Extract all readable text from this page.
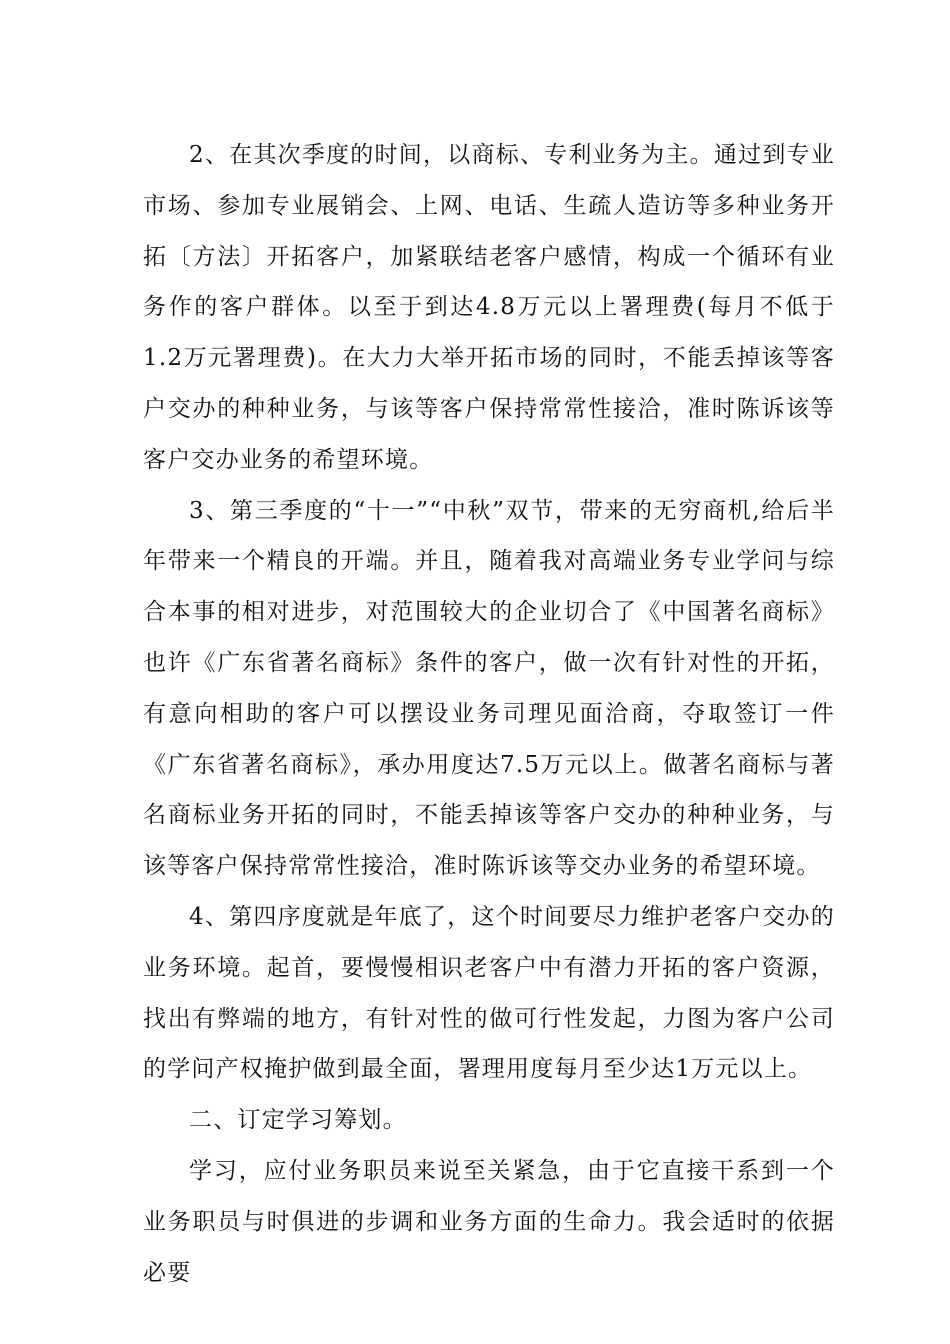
2、在其次季度的时间，以商标、专利业务为主。通过到专业市场、参加专业展销会、上网、电话、生疏人造访等多种业务开拓〔方法〕开拓客户，加紧联结老客户感情，构成一个循环有业务作的客户群体。以至于到达4.8万元以上署理费(每月不低于1.2万元署理费)。在大力大举开拓市场的同时，不能丢掉该等客户交办的种种业务，与该等客户保持常常性接洽，准时陈诉该等客户交办业务的希望环境。

3、第三季度的“十一”“中秋”双节，带来的无穷商机,给后半年带来一个精良的开端。并且，随着我对高端业务专业学问与综合本事的相对进步，对范围较大的企业切合了《中国著名商标》也许《广东省著名商标》条件的客户，做一次有针对性的开拓，有意向相助的客户可以摆设业务司理见面洽商，夺取签订一件《广东省著名商标》，承办用度达7.5万元以上。做著名商标与著名商标业务开拓的同时，不能丢掉该等客户交办的种种业务，与该等客户保持常常性接洽，准时陈诉该等交办业务的希望环境。

4、第四序度就是年底了，这个时间要尽力维护老客户交办的业务环境。起首，要慢慢相识老客户中有潜力开拓的客户资源，找出有弊端的地方，有针对性的做可行性发起，力图为客户公司的学问产权掩护做到最全面，署理用度每月至少达1万元以上。

二、订定学习筹划。

学习，应付业务职员来说至关紧急，由于它直接干系到一个业务职员与时俱进的步调和业务方面的生命力。我会适时的依据必要
